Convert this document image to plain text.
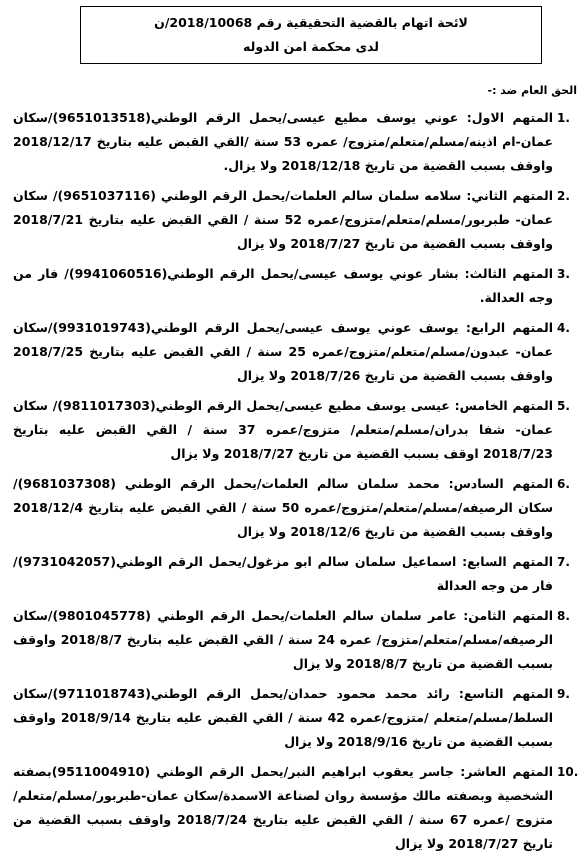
لائحة اتهام بالقضية التحقيقية رقم 2018/10068/ن
لدى محكمة امن الدوله
الحق العام ضد :-
.1
المتهم الاول: عوني يوسف مطيع عيسى/يحمل الرقم الوطني(9651013518)/سكان عمان-ام اذينه/مسلم/متعلم/متزوج/ عمره 53 سنة /القي القبض عليه بتاريخ 2018/12/17 واوقف بسبب القضية من تاريخ 2018/12/18 ولا يزال.
.2
المتهم الثاني: سلامه سلمان سالم العلمات/يحمل الرقم الوطني (9651037116)/ سكان عمان- طبربور/مسلم/متعلم/متزوج/عمره 52 سنة / القي القبض عليه بتاريخ 2018/7/21 واوقف بسبب القضية من تاريخ 2018/7/27 ولا يزال
.3
المتهم الثالث: بشار عوني يوسف عيسى/يحمل الرقم الوطني(9941060516)/ فار من وجه العدالة.
.4
المتهم الرابع: يوسف عوني يوسف عيسى/يحمل الرقم الوطني(9931019743)/سكان عمان- عبدون/مسلم/متعلم/متزوج/عمره 25 سنة / القي القبض عليه بتاريخ 2018/7/25 واوقف بسبب القضية من تاريخ 2018/7/26 ولا يزال
.5
المتهم الخامس: عيسى يوسف مطيع عيسى/يحمل الرقم الوطني(9811017303)/ سكان عمان- شفا بدران/مسلم/متعلم/ متزوج/عمره 37 سنة / القي القبض عليه بتاريخ 2018/7/23 اوقف بسبب القضية من تاريخ 2018/7/27 ولا يزال
.6
المتهم السادس: محمد سلمان سالم العلمات/يحمل الرقم الوطني (9681037308)/ سكان الرصيفه/مسلم/متعلم/متزوج/عمره 50 سنة / القي القبض عليه بتاريخ 2018/12/4 واوقف بسبب القضية من تاريخ 2018/12/6 ولا يزال
.7
المتهم السابع: اسماعيل سلمان سالم ابو مزغول/يحمل الرقم الوطني(9731042057)/فار من وجه العدالة
.8
المتهم الثامن: عامر سلمان سالم العلمات/يحمل الرقم الوطني (9801045778)/سكان الرصيفه/مسلم/متعلم/متزوج/ عمره 24 سنة / القي القبض عليه بتاريخ 2018/8/7 واوقف بسبب القضية من تاريخ 2018/8/7 ولا يزال
.9
المتهم التاسع: رائد محمد محمود حمدان/يحمل الرقم الوطني(9711018743)/سكان السلط/مسلم/متعلم /متزوج/عمره 42 سنة / القي القبض عليه بتاريخ 2018/9/14 واوقف بسبب القضية من تاريخ 2018/9/16 ولا يزال
.10
المتهم العاشر: جاسر يعقوب ابراهيم النبر/يحمل الرقم الوطني (9511004910)بصفته الشخصية وبصفته مالك مؤسسة روان لصناعة الاسمدة/سكان عمان-طبربور/مسلم/متعلم/متزوج /عمره 67 سنة / القي القبض عليه بتاريخ 2018/7/24 واوقف بسبب القضية من تاريخ 2018/7/27 ولا يزال
